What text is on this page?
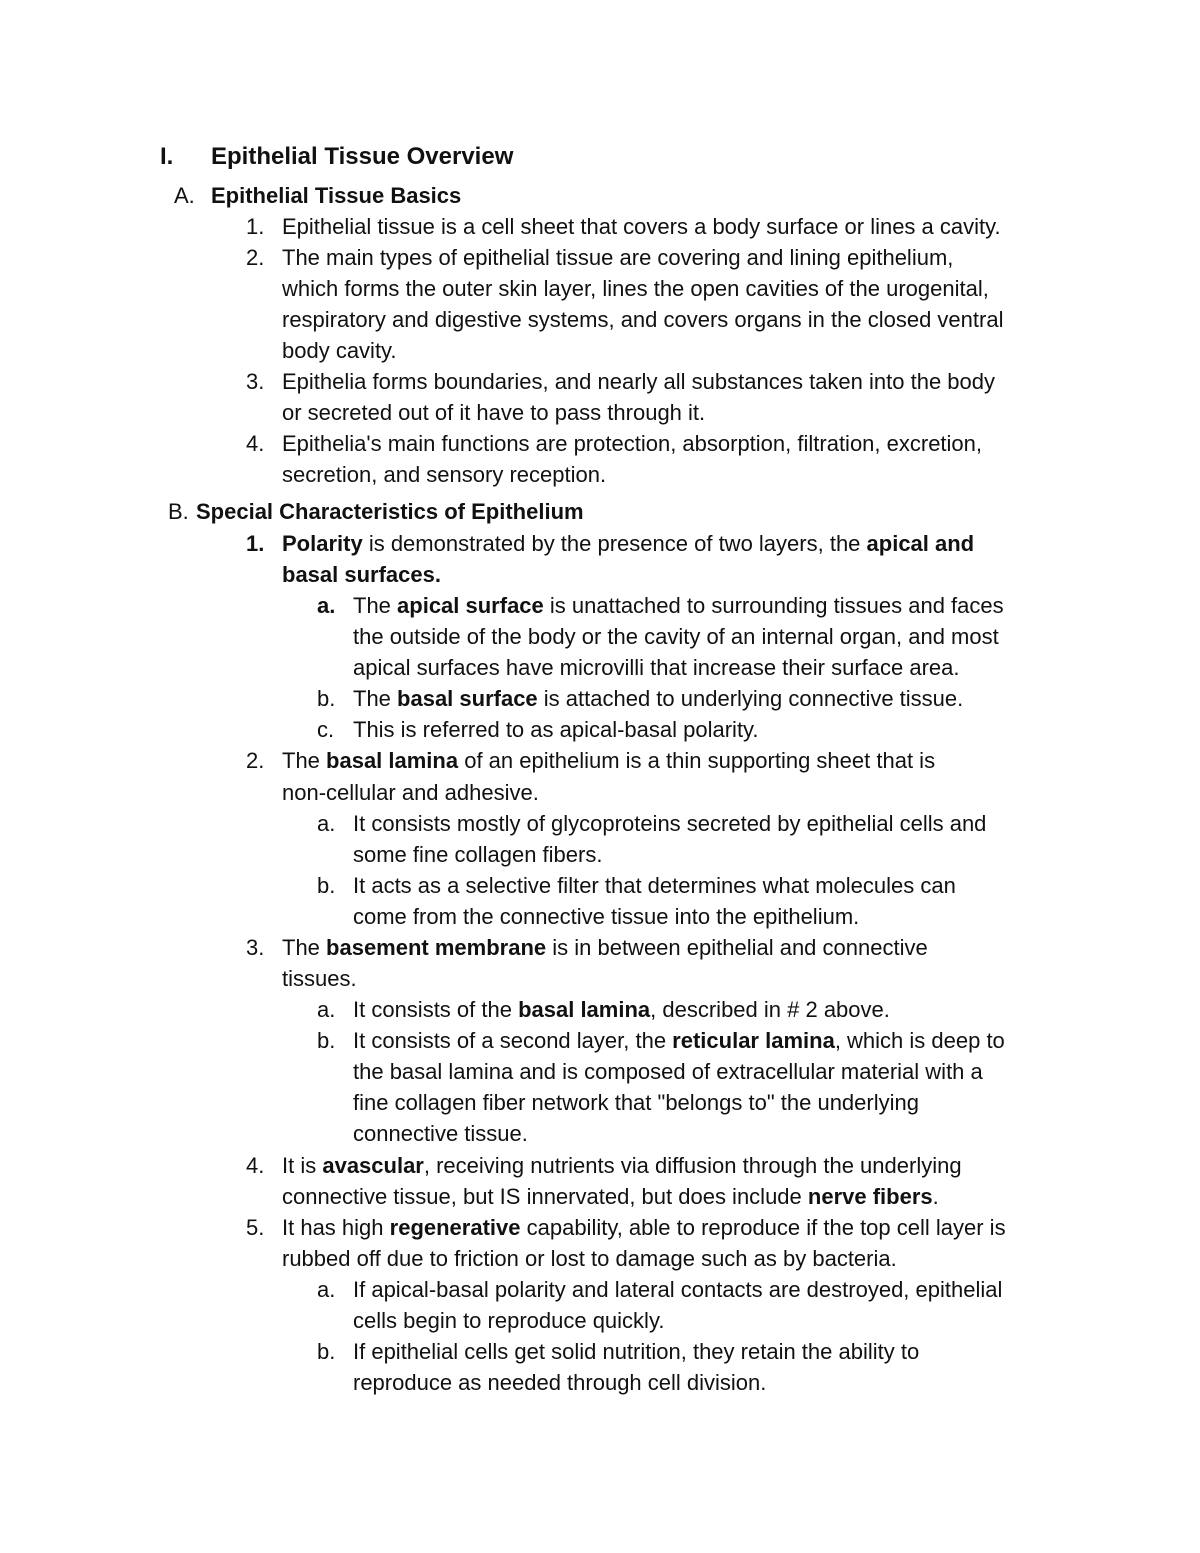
I. Epithelial Tissue Overview
A. Epithelial Tissue Basics
1. Epithelial tissue is a cell sheet that covers a body surface or lines a cavity.
2. The main types of epithelial tissue are covering and lining epithelium,
which forms the outer skin layer, lines the open cavities of the urogenital,
respiratory and digestive systems, and covers organs in the closed ventral
body cavity.
3. Epithelia forms boundaries, and nearly all substances taken into the body
or secreted out of it have to pass through it.
4. Epithelia's main functions are protection, absorption, filtration, excretion,
secretion, and sensory reception.
B. Special Characteristics of Epithelium
1. Polarity is demonstrated by the presence of two layers, the apical and
basal surfaces.
a. The apical surface is unattached to surrounding tissues and faces
the outside of the body or the cavity of an internal organ, and most
apical surfaces have microvilli that increase their surface area.
b. The basal surface is attached to underlying connective tissue.
c. This is referred to as apical-basal polarity.
2. The basal lamina of an epithelium is a thin supporting sheet that is
non-cellular and adhesive.
a. It consists mostly of glycoproteins secreted by epithelial cells and
some fine collagen fibers.
b. It acts as a selective filter that determines what molecules can
come from the connective tissue into the epithelium.
3. The basement membrane is in between epithelial and connective
tissues.
a. It consists of the basal lamina, described in # 2 above.
b. It consists of a second layer, the reticular lamina, which is deep to
the basal lamina and is composed of extracellular material with a
fine collagen fiber network that "belongs to" the underlying
connective tissue.
4. It is avascular, receiving nutrients via diffusion through the underlying
connective tissue, but IS innervated, but does include nerve fibers.
5. It has high regenerative capability, able to reproduce if the top cell layer is
rubbed off due to friction or lost to damage such as by bacteria.
a. If apical-basal polarity and lateral contacts are destroyed, epithelial
cells begin to reproduce quickly.
b. If epithelial cells get solid nutrition, they retain the ability to
reproduce as needed through cell division.
